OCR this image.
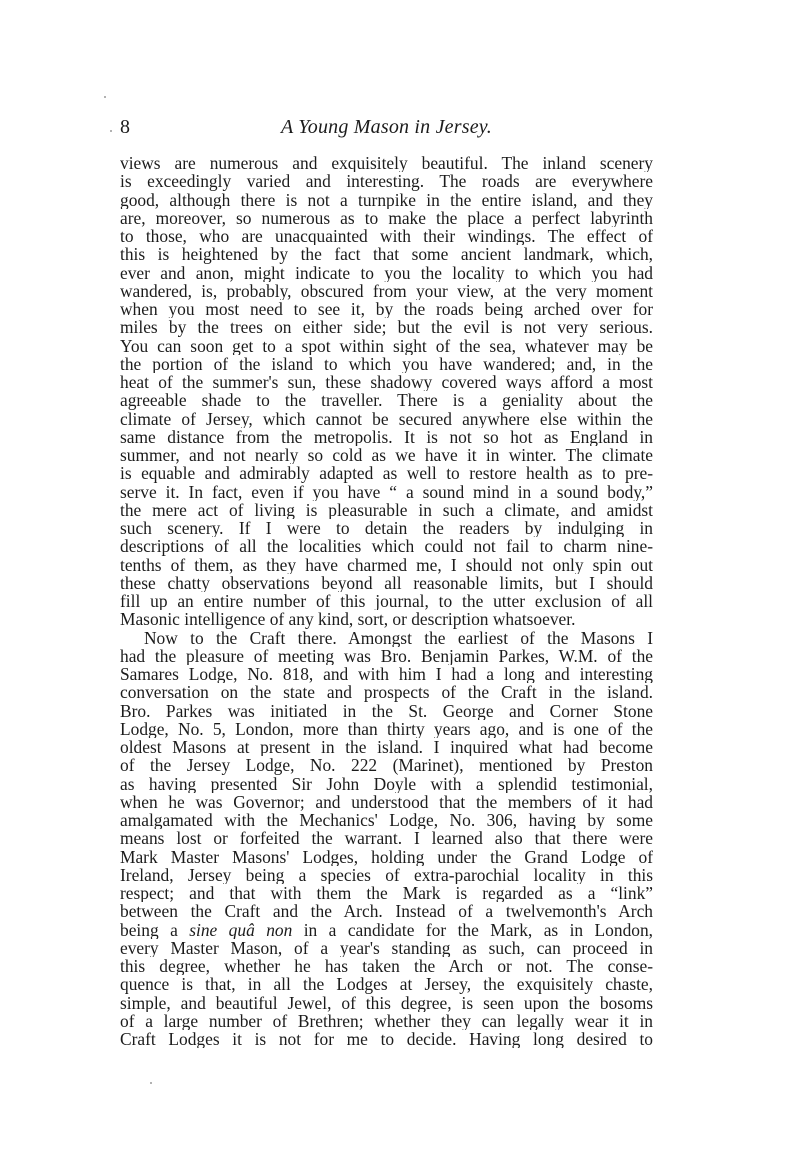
8	A Young Mason in Jersey.
views are numerous and exquisitely beautiful. The inland scenery
is exceedingly varied and interesting. The roads are everywhere
good, although there is not a turnpike in the entire island, and they
are, moreover, so numerous as to make the place a perfect labyrinth
to those, who are unacquainted with their windings. The effect of
this is heightened by the fact that some ancient landmark, which,
ever and anon, might indicate to you the locality to which you had
wandered, is, probably, obscured from your view, at the very moment
when you most need to see it, by the roads being arched over for
miles by the trees on either side; but the evil is not very serious.
You can soon get to a spot within sight of the sea, whatever may be
the portion of the island to which you have wandered; and, in the
heat of the summer's sun, these shadowy covered ways afford a most
agreeable shade to the traveller. There is a geniality about the
climate of Jersey, which cannot be secured anywhere else within the
same distance from the metropolis. It is not so hot as England in
summer, and not nearly so cold as we have it in winter. The climate
is equable and admirably adapted as well to restore health as to pre-
serve it. In fact, even if you have “ a sound mind in a sound body,”
the mere act of living is pleasurable in such a climate, and amidst
such scenery. If I were to detain the readers by indulging in
descriptions of all the localities which could not fail to charm nine-
tenths of them, as they have charmed me, I should not only spin out
these chatty observations beyond all reasonable limits, but I should
fill up an entire number of this journal, to the utter exclusion of all
Masonic intelligence of any kind, sort, or description whatsoever.
Now to the Craft there. Amongst the earliest of the Masons I
had the pleasure of meeting was Bro. Benjamin Parkes, W.M. of the
Samares Lodge, No. 818, and with him I had a long and interesting
conversation on the state and prospects of the Craft in the island.
Bro. Parkes was initiated in the St. George and Corner Stone
Lodge, No. 5, London, more than thirty years ago, and is one of the
oldest Masons at present in the island. I inquired what had become
of the Jersey Lodge, No. 222 (Marinet), mentioned by Preston
as having presented Sir John Doyle with a splendid testimonial,
when he was Governor; and understood that the members of it had
amalgamated with the Mechanics' Lodge, No. 306, having by some
means lost or forfeited the warrant. I learned also that there were
Mark Master Masons' Lodges, holding under the Grand Lodge of
Ireland, Jersey being a species of extra-parochial locality in this
respect; and that with them the Mark is regarded as a “link”
between the Craft and the Arch. Instead of a twelvemonth's Arch
being a sine quâ non in a candidate for the Mark, as in London,
every Master Mason, of a year's standing as such, can proceed in
this degree, whether he has taken the Arch or not. The conse-
quence is that, in all the Lodges at Jersey, the exquisitely chaste,
simple, and beautiful Jewel, of this degree, is seen upon the bosoms
of a large number of Brethren; whether they can legally wear it in
Craft Lodges it is not for me to decide. Having long desired to
